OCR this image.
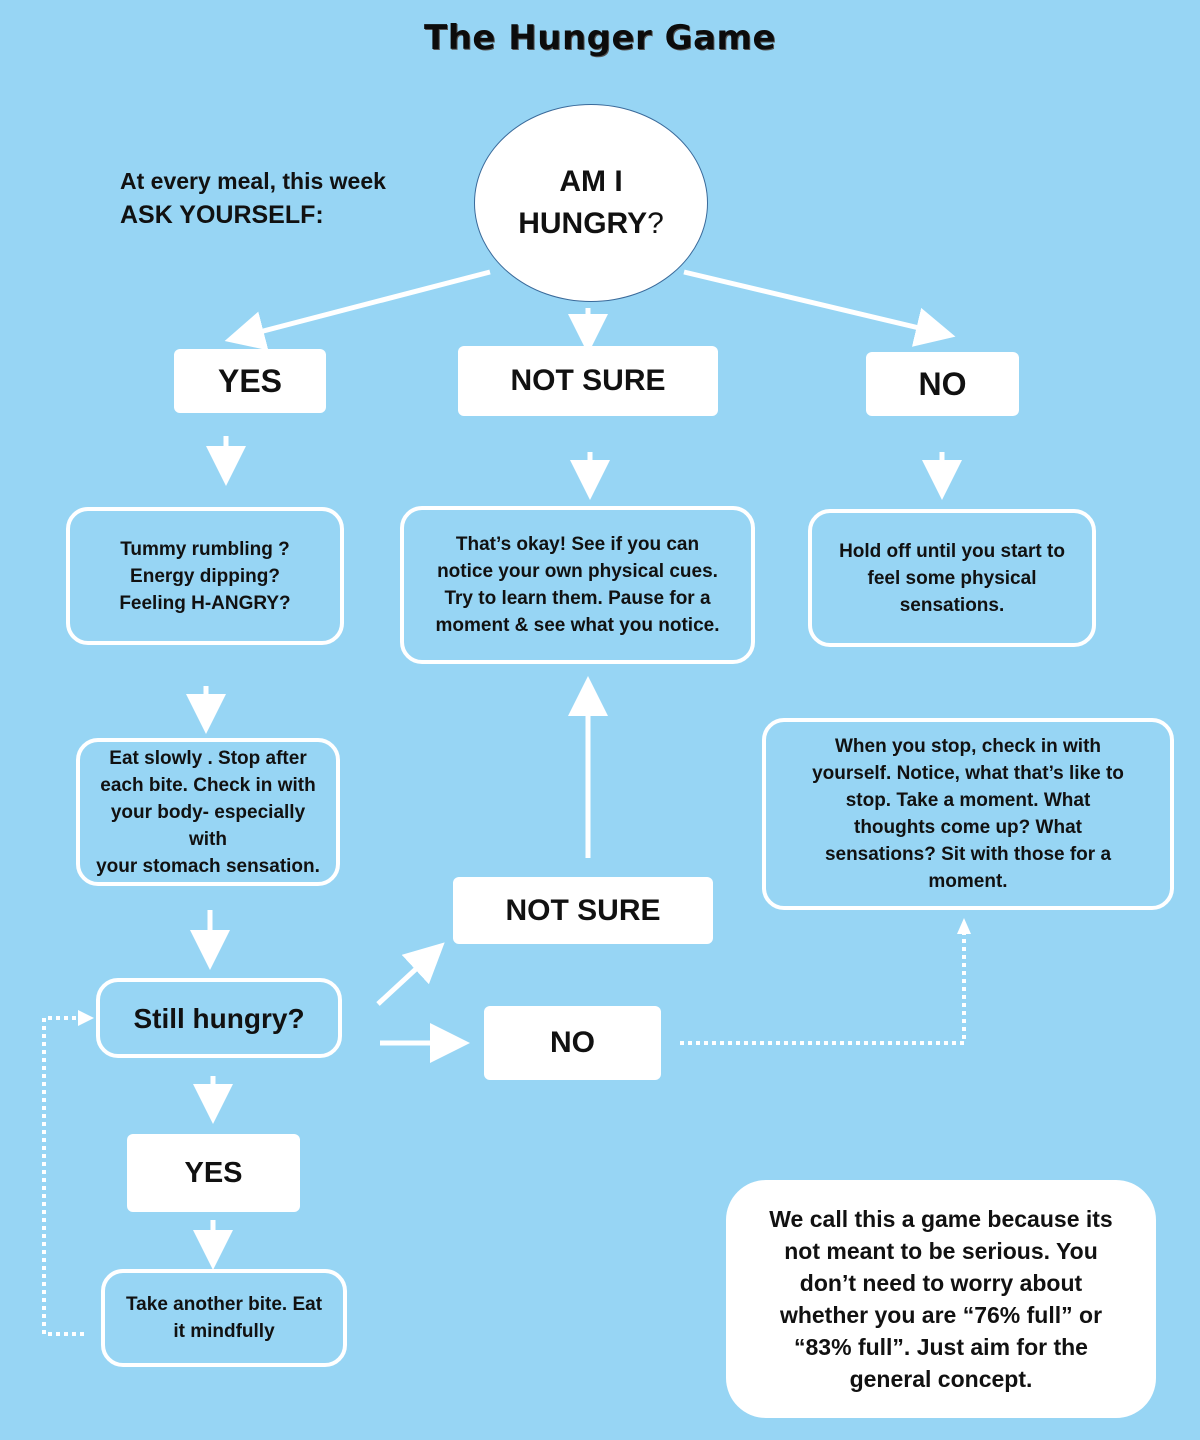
The Hunger Game
At every meal, this week
ASK YOURSELF:
AM I
HUNGRY?
YES	NOT SURE	NO
Tummy rumbling ?
Energy dipping?
Feeling H-ANGRY?
That’s okay! See if you can
notice your own physical cues.
Try to learn them. Pause for a
moment & see what you notice.
Hold off until you start to
feel some physical
sensations.
Eat slowly . Stop after
each bite. Check in with
your body- especially with
your stomach sensation.
When you stop, check in with
yourself. Notice, what that’s like to
stop. Take a moment. What
thoughts come up? What
sensations? Sit with those for a
moment.
NOT SURE
Still hungry?
NO
YES
Take another bite. Eat
it mindfully
We call this a game because its
not meant to be serious. You
don’t need to worry about
whether you are “76% full” or
“83% full”. Just aim for the
general concept.
